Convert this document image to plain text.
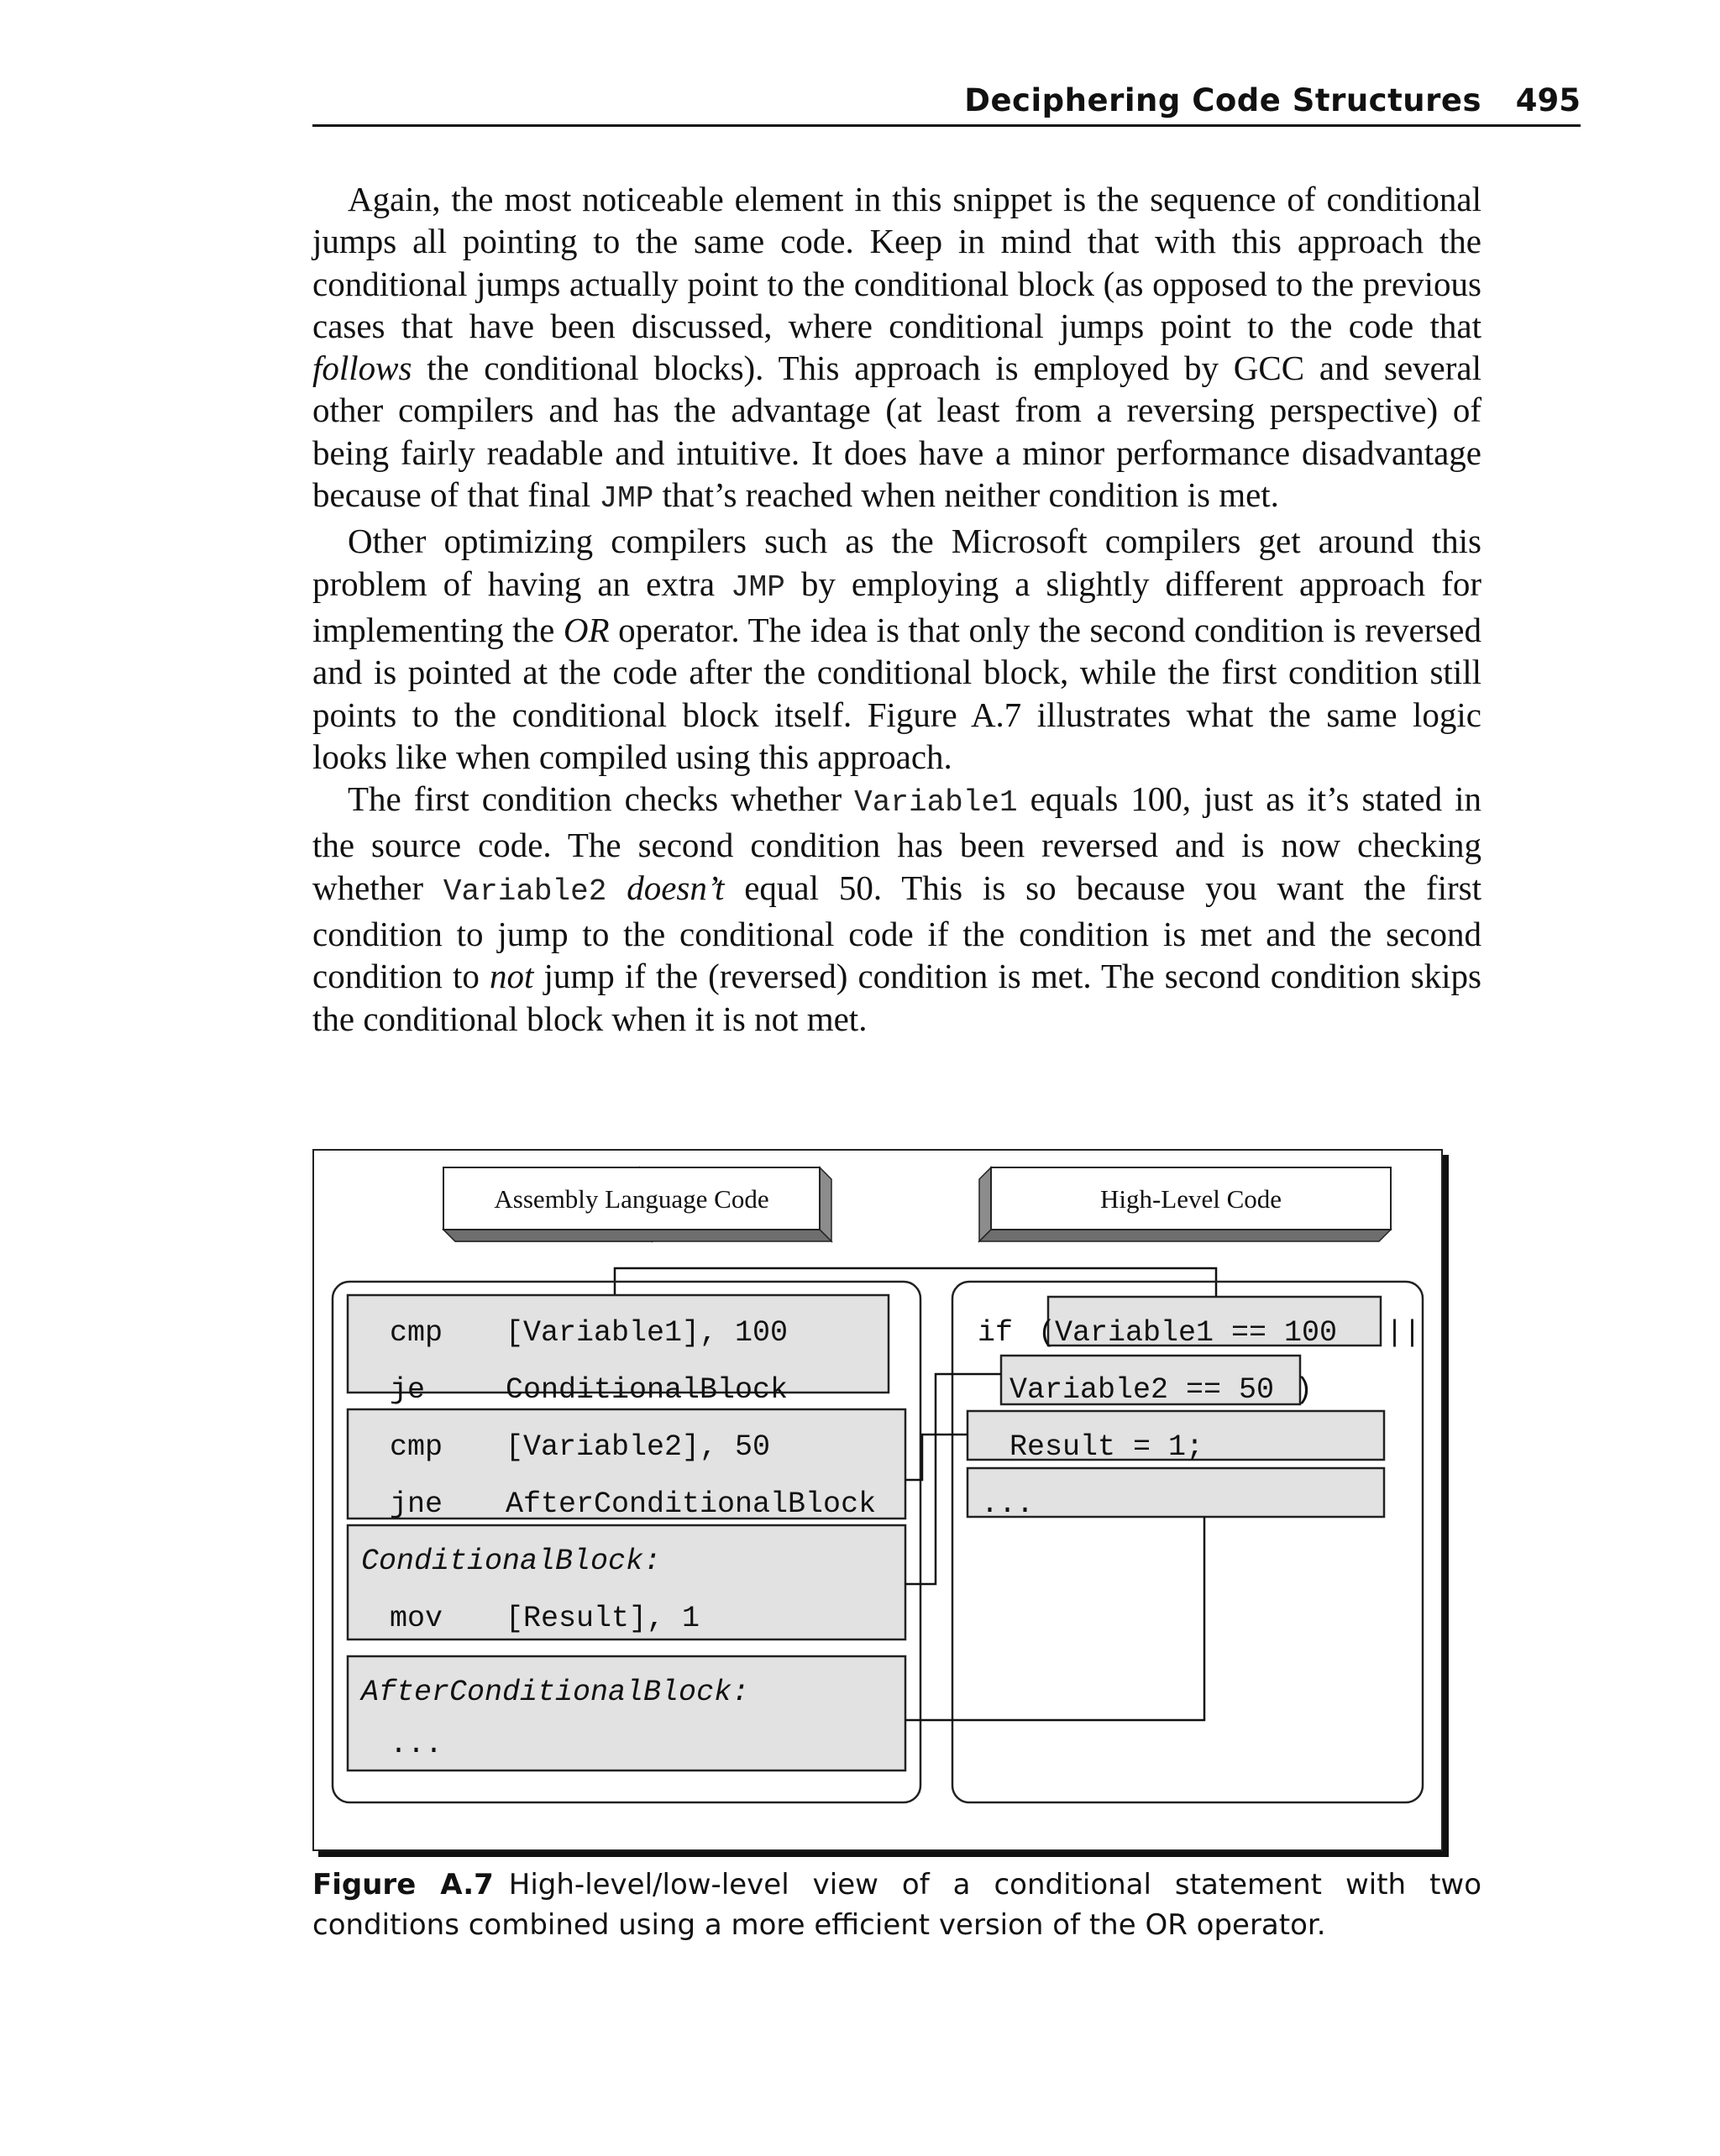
Deciphering Code Structures 495

Again, the most noticeable element in this snippet is the sequence of conditional jumps all pointing to the same code. Keep in mind that with this approach the conditional jumps actually point to the conditional block (as opposed to the previous cases that have been discussed, where conditional jumps point to the code that follows the conditional blocks). This approach is employed by GCC and several other compilers and has the advantage (at least from a reversing perspective) of being fairly readable and intuitive. It does have a minor performance disadvantage because of that final JMP that’s reached when neither condition is met.

Other optimizing compilers such as the Microsoft compilers get around this problem of having an extra JMP by employing a slightly different approach for implementing the OR operator. The idea is that only the second condition is reversed and is pointed at the code after the conditional block, while the first condition still points to the conditional block itself. Figure A.7 illustrates what the same logic looks like when compiled using this approach.

The first condition checks whether Variable1 equals 100, just as it’s stated in the source code. The second condition has been reversed and is now checking whether Variable2 doesn’t equal 50. This is so because you want the first condition to jump to the conditional code if the condition is met and the second condition to not jump if the (reversed) condition is met. The second condition skips the conditional block when it is not met.

Assembly Language Code	High-Level Code
cmp [Variable1], 100
je	ConditionalBlock
cmp [Variable2], 50
jne AfterConditionalBlock
ConditionalBlock:
mov [Result], 1
AfterConditionalBlock:
...
if (
Variable1 == 100 ||
Variable2 == 50 )
Result = 1;
...
Figure A.7 High-level/low-level view of a conditional statement with two conditions combined using a more efficient version of the OR operator.
